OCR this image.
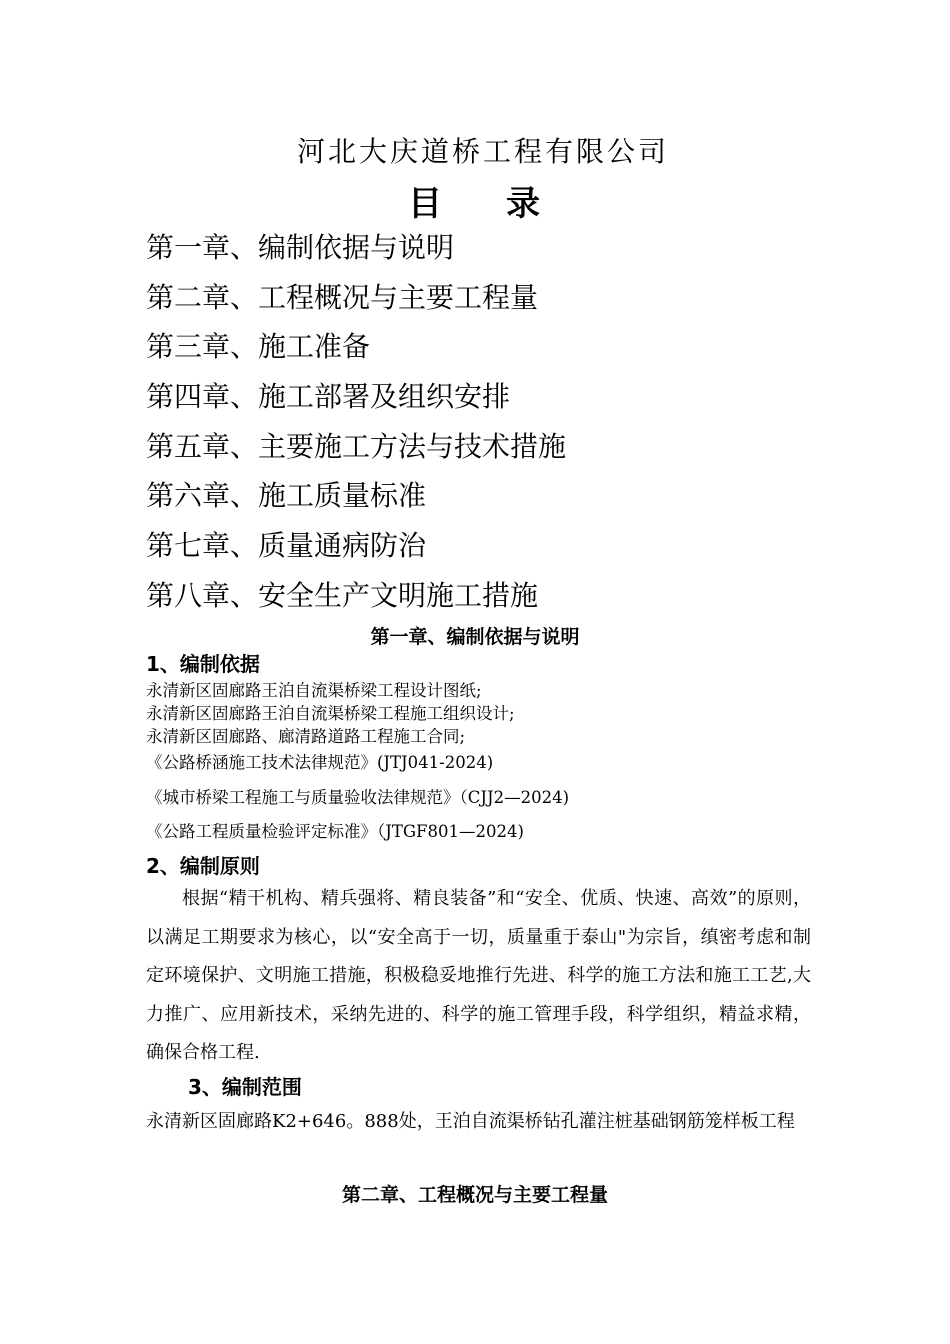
河北大庆道桥工程有限公司
目 录
第一章、编制依据与说明
第二章、工程概况与主要工程量
第三章、施工准备
第四章、施工部署及组织安排
第五章、主要施工方法与技术措施
第六章、施工质量标准
第七章、质量通病防治
第八章、安全生产文明施工措施
第一章、编制依据与说明
1、编制依据
永清新区固廊路王泊自流渠桥梁工程设计图纸;
永清新区固廊路王泊自流渠桥梁工程施工组织设计;
永清新区固廊路、廊清路道路工程施工合同;
《公路桥涵施工技术法律规范》(JTJ041-2024)
《城市桥梁工程施工与质量验收法律规范》（CJJ2—2024)
《公路工程质量检验评定标准》（JTGF801—2024)
2、编制原则
根据“精干机构、精兵强将、精良装备”和“安全、优质、快速、高效”的原则，以满足工期要求为核心，以“安全高于一切，质量重于泰山"为宗旨，缜密考虑和制定环境保护、文明施工措施，积极稳妥地推行先进、科学的施工方法和施工工艺,大力推广、应用新技术，采纳先进的、科学的施工管理手段，科学组织，精益求精，确保合格工程.
3、编制范围
永清新区固廊路K2+646。888处，王泊自流渠桥钻孔灌注桩基础钢筋笼样板工程
第二章、工程概况与主要工程量
